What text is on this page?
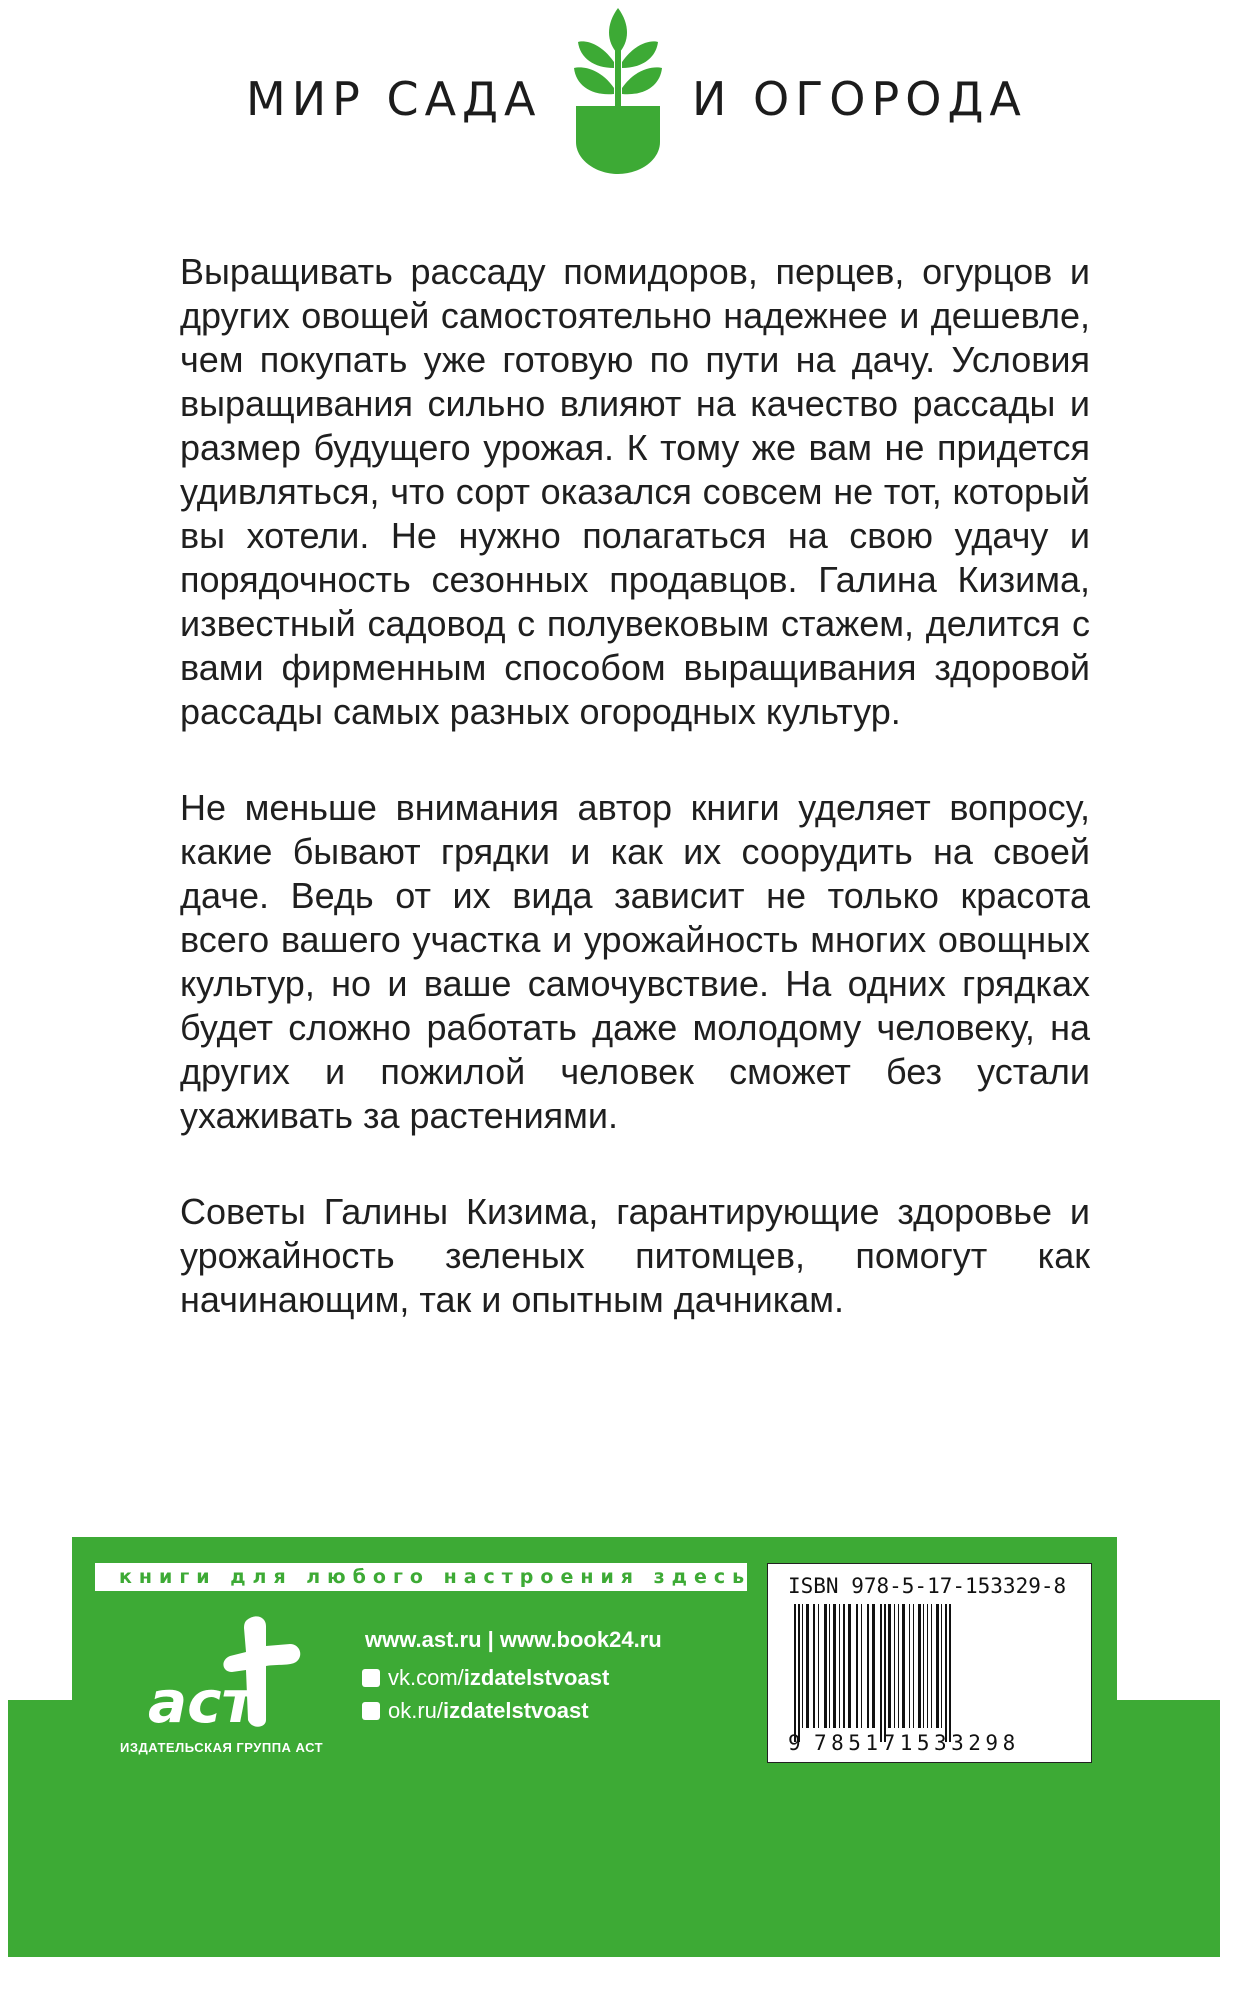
МИР САДА	И ОГОРОДА

Выращивать рассаду помидоров, перцев, огурцов и других овощей самостоятельно надежнее и дешевле, чем покупать уже готовую по пути на дачу. Условия выращивания сильно влияют на качество рассады и размер будущего урожая. К тому же вам не придется удивляться, что сорт оказался совсем не тот, который вы хотели. Не нужно полагаться на свою удачу и порядочность сезонных продавцов. Галина Кизима, известный садовод с полувековым стажем, делится с вами фирменным способом выращивания здоровой рассады самых разных огородных культур.

Не меньше внимания автор книги уделяет вопросу, какие бывают грядки и как их соорудить на своей даче. Ведь от их вида зависит не только красота всего вашего участка и урожайность многих овощных культур, но и ваше самочувствие. На одних грядках будет сложно работать даже молодому человеку, на других и пожилой человек сможет без устали ухаживать за растениями.

Советы Галины Кизима, гарантирующие здоровье и урожайность зеленых питомцев, помогут как начинающим, так и опытным дачникам.

книги для любого настроения здесь
аст
ИЗДАТЕЛЬСКАЯ ГРУППА АСТ
www.ast.ru | www.book24.ru
vk.com/ izdatelstvoast
ok.ru/ izdatelstvoast
ISBN 978-5-17-153329-8
9 785171533298
